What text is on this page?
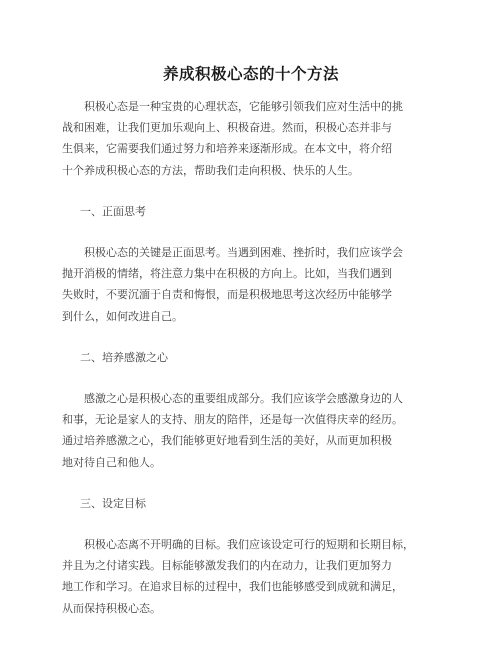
养成积极心态的十个方法
积极心态是一种宝贵的心理状态，它能够引领我们应对生活中的挑
战和困难，让我们更加乐观向上、积极奋进。然而，积极心态并非与
生俱来，它需要我们通过努力和培养来逐渐形成。在本文中，将介绍
十个养成积极心态的方法，帮助我们走向积极、快乐的人生。
一、正面思考
积极心态的关键是正面思考。当遇到困难、挫折时，我们应该学会
抛开消极的情绪，将注意力集中在积极的方向上。比如，当我们遇到
失败时，不要沉湎于自责和悔恨，而是积极地思考这次经历中能够学
到什么，如何改进自己。
二、培养感激之心
感激之心是积极心态的重要组成部分。我们应该学会感激身边的人
和事，无论是家人的支持、朋友的陪伴，还是每一次值得庆幸的经历。
通过培养感激之心，我们能够更好地看到生活的美好，从而更加积极
地对待自己和他人。
三、设定目标
积极心态离不开明确的目标。我们应该设定可行的短期和长期目标，
并且为之付诸实践。目标能够激发我们的内在动力，让我们更加努力
地工作和学习。在追求目标的过程中，我们也能够感受到成就和满足，
从而保持积极心态。
